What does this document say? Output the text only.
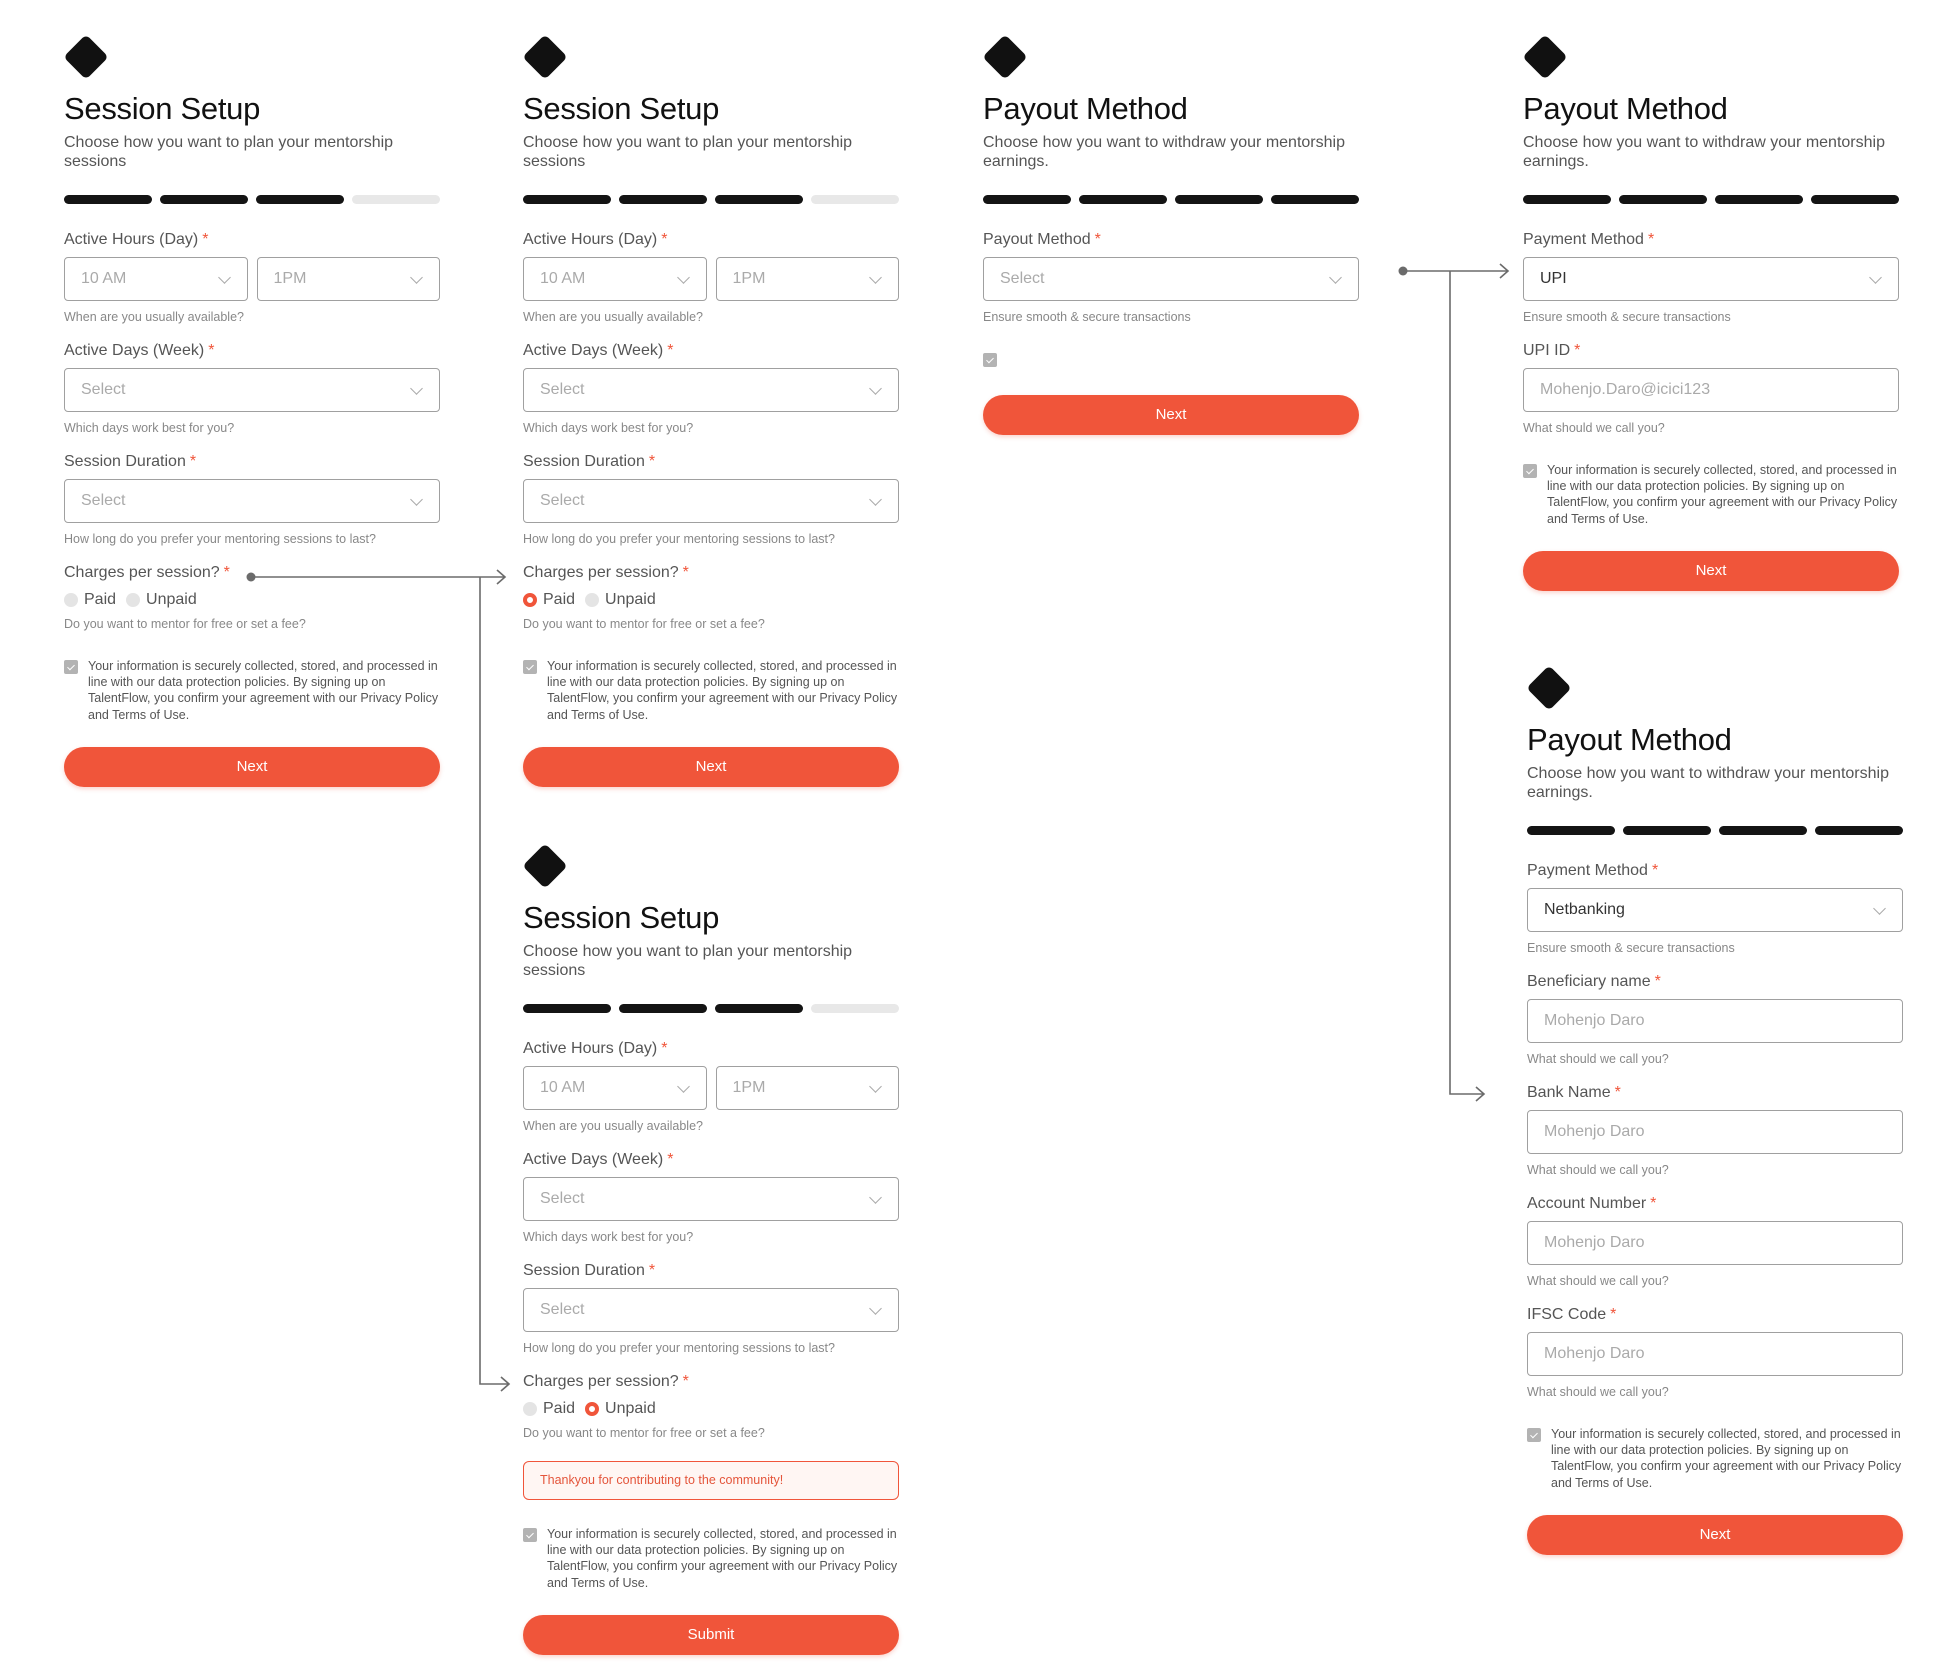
Session Setup
Choose how you want to plan your mentorship sessions
Active Hours (Day) *
10 AM	1PM
When are you usually available?
Active Days (Week) *
Select
Which days work best for you?
Session Duration *
Select
How long do you prefer your mentoring sessions to last?
Charges per session? *
Paid Unpaid
Do you want to mentor for free or set a fee?
Your information is securely collected, stored, and processed in line with our data protection policies. By signing up on TalentFlow, you confirm your agreement with our Privacy Policy and Terms of Use.
Next
Session Setup
Choose how you want to plan your mentorship sessions
Active Hours (Day) *
10 AM	1PM
When are you usually available?
Active Days (Week) *
Select
Which days work best for you?
Session Duration *
Select
How long do you prefer your mentoring sessions to last?
Charges per session? *
Paid Unpaid
Do you want to mentor for free or set a fee?
Your information is securely collected, stored, and processed in line with our data protection policies. By signing up on TalentFlow, you confirm your agreement with our Privacy Policy and Terms of Use.
Next
Payout Method
Choose how you want to withdraw your mentorship earnings.
Payout Method *
Select
Ensure smooth & secure transactions
Next
Payout Method
Choose how you want to withdraw your mentorship earnings.
Payment Method *
UPI
Ensure smooth & secure transactions
UPI ID *
Mohenjo.Daro@icici123
What should we call you?
Your information is securely collected, stored, and processed in line with our data protection policies. By signing up on TalentFlow, you confirm your agreement with our Privacy Policy and Terms of Use.
Next
Session Setup
Choose how you want to plan your mentorship sessions
Active Hours (Day) *
10 AM	1PM
When are you usually available?
Active Days (Week) *
Select
Which days work best for you?
Session Duration *
Select
How long do you prefer your mentoring sessions to last?
Charges per session? *
Paid Unpaid
Do you want to mentor for free or set a fee?
Thankyou for contributing to the community!
Your information is securely collected, stored, and processed in line with our data protection policies. By signing up on TalentFlow, you confirm your agreement with our Privacy Policy and Terms of Use.
Submit
Payout Method
Choose how you want to withdraw your mentorship earnings.
Payment Method *
Netbanking
Ensure smooth & secure transactions
Beneficiary name *
Mohenjo Daro
What should we call you?
Bank Name *
Mohenjo Daro
What should we call you?
Account Number *
Mohenjo Daro
What should we call you?
IFSC Code *
Mohenjo Daro
What should we call you?
Your information is securely collected, stored, and processed in line with our data protection policies. By signing up on TalentFlow, you confirm your agreement with our Privacy Policy and Terms of Use.
Next
